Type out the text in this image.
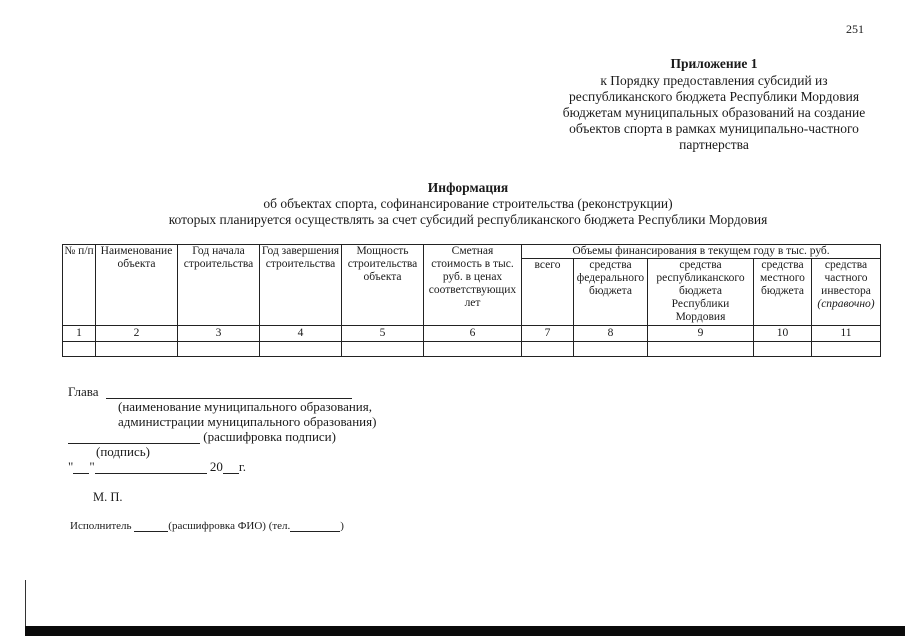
251
Приложение 1
к Порядку предоставления субсидий из
республиканского бюджета Республики Мордовия
бюджетам муниципальных образований на создание
объектов спорта в рамках муниципально-частного
партнерства
Информация
об объектах спорта, софинансирование строительства (реконструкции)
которых планируется осуществлять за счет субсидий республиканского бюджета Республики Мордовия
№ п/п	Наименование объекта	Год начала строительства	Год завершения строительства	Мощность строительства объекта	Сметная стоимость в тыс. руб. в ценах соответствующих лет	Объемы финансирования в текущем году в тыс. руб.				
						всего	средства федерального бюджета	средства республиканского бюджета Республики Мордовия	средства местного бюджета	средства частного инвестора
(справочно)

1	2	3	4	5	6	7	8	9	10	11

Глава
(наименование муниципального образования,
администрации муниципального образования)
(расшифровка подписи)
(подпись)
" "	20 г.
М. П.
Исполнитель	(расшифровка ФИО) (тел.	)
